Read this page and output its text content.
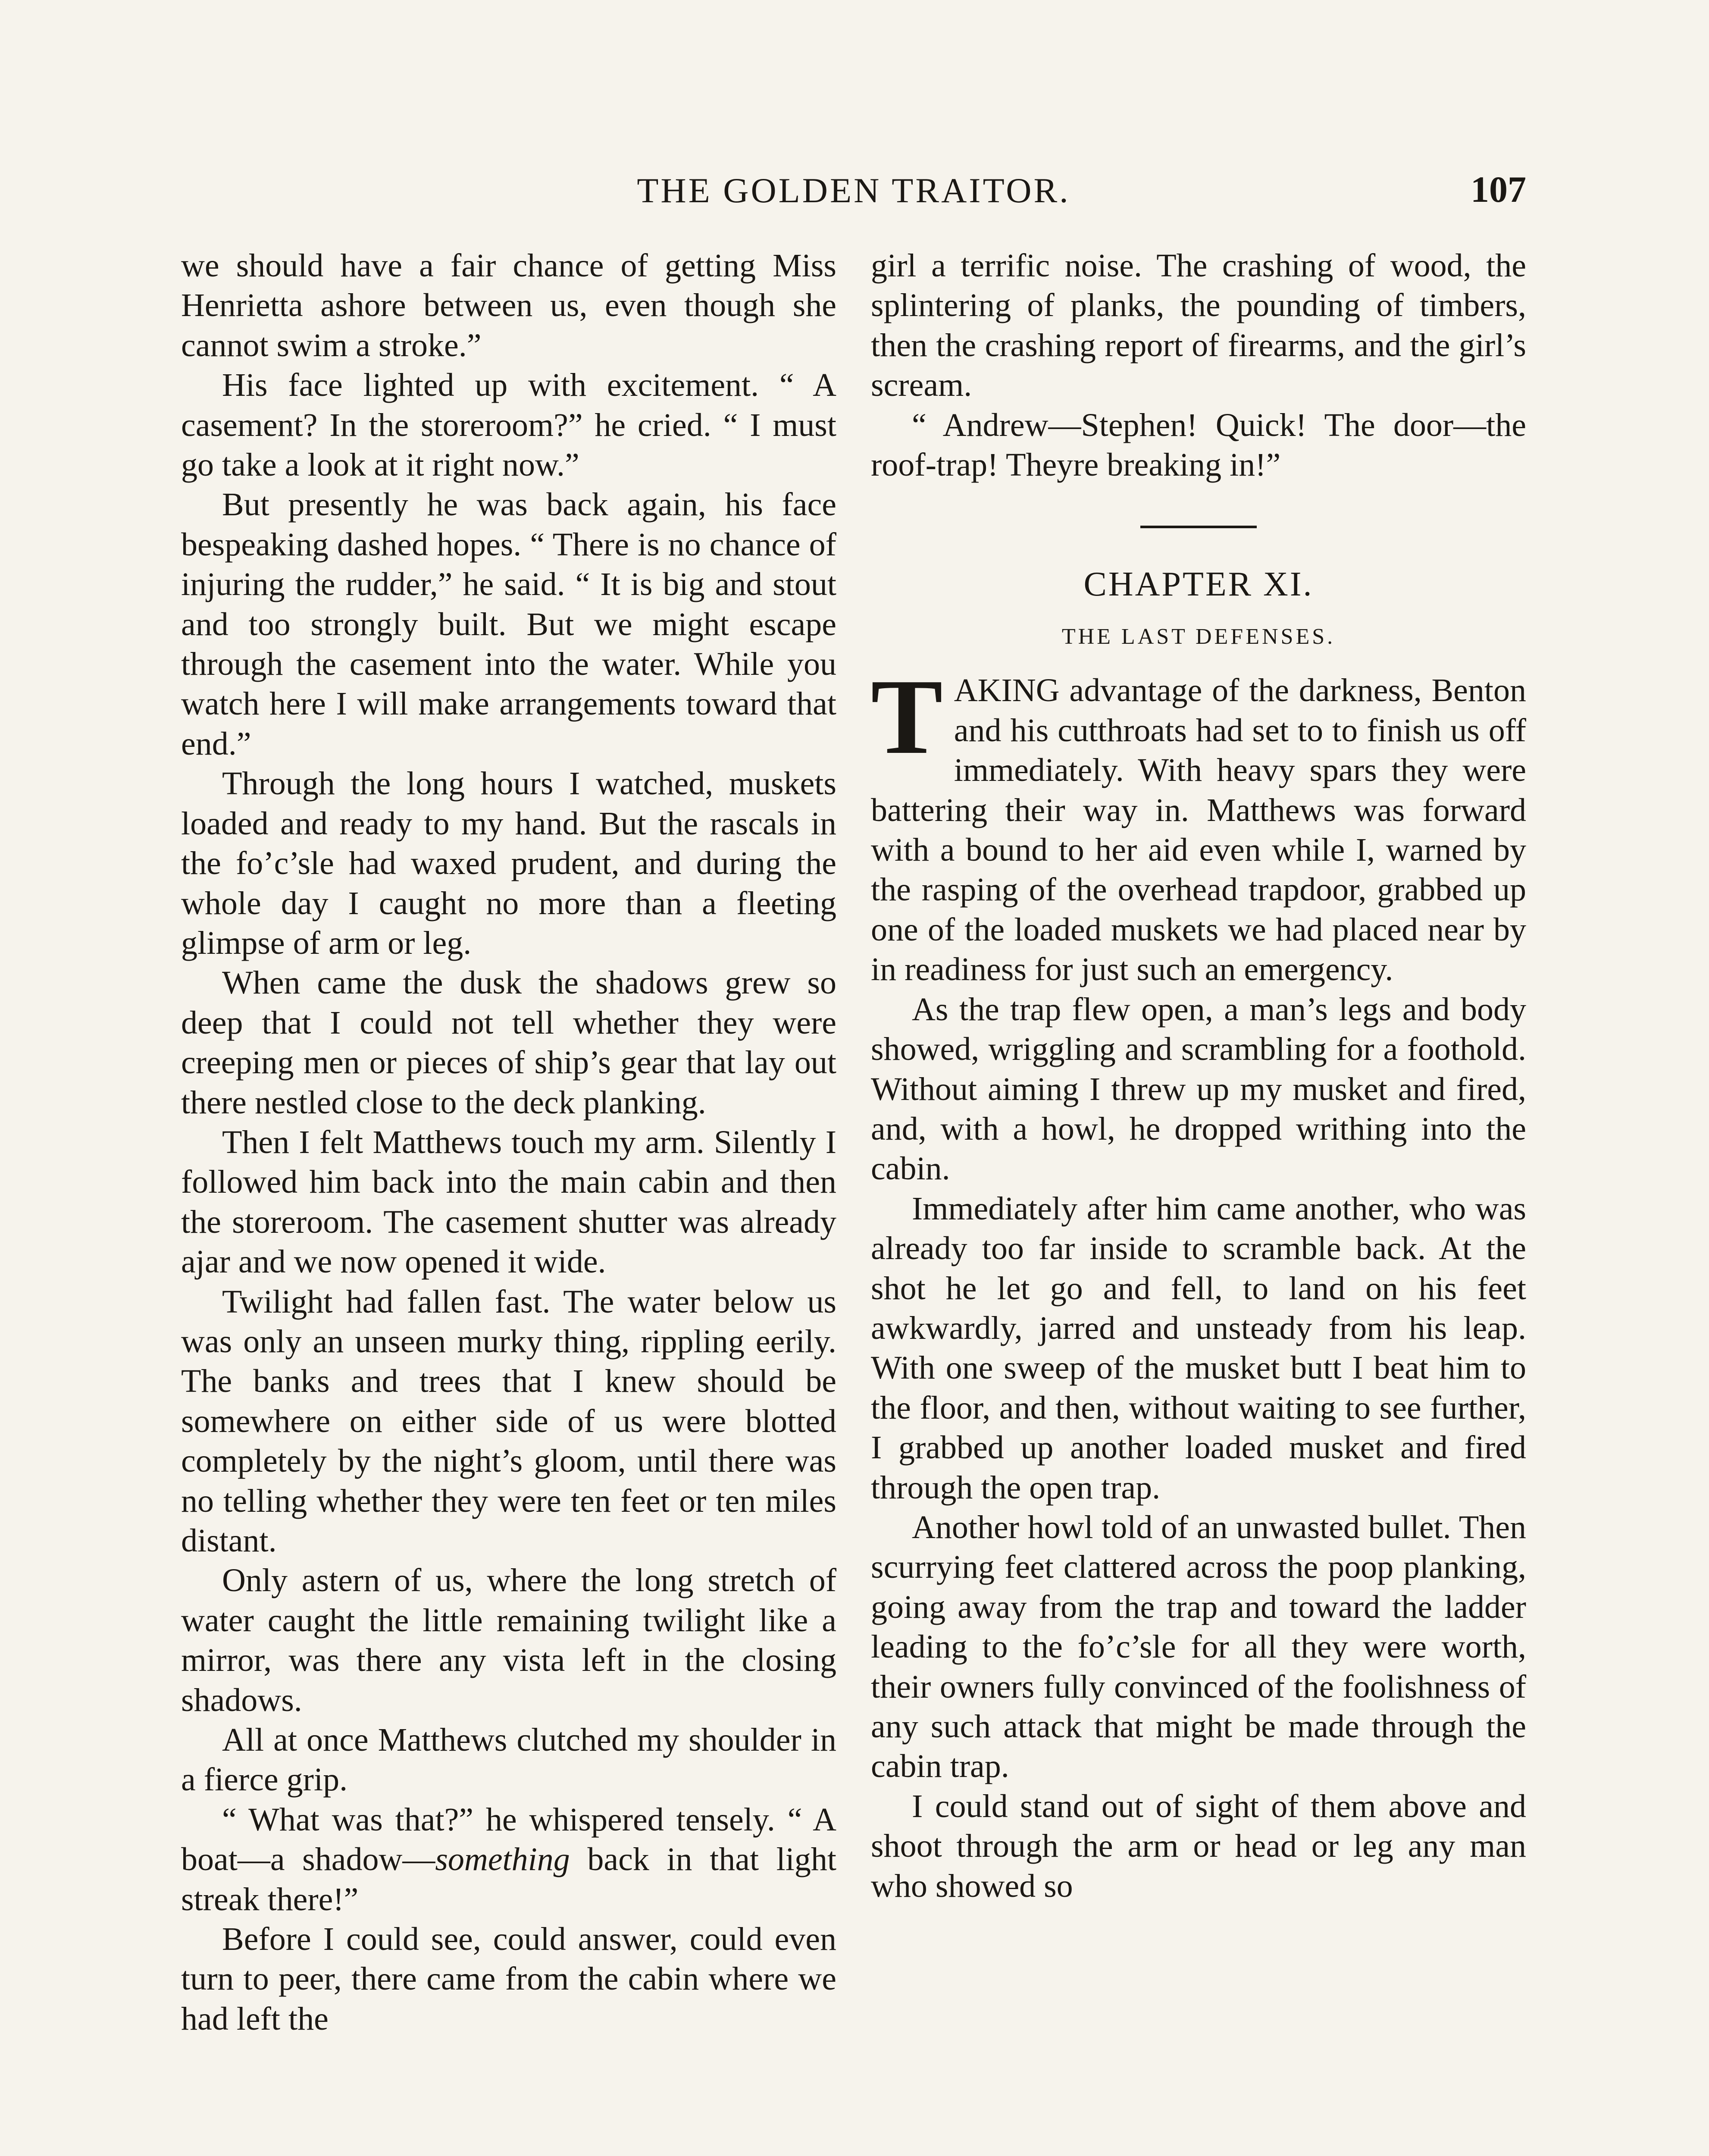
THE GOLDEN TRAITOR.	107

we should have a fair chance of getting Miss Henrietta ashore between us, even though she cannot swim a stroke.”

His face lighted up with excitement. “ A casement? In the storeroom?” he cried. “ I must go take a look at it right now.”

But presently he was back again, his face bespeaking dashed hopes. “ There is no chance of injuring the rudder,” he said. “ It is big and stout and too strongly built. But we might escape through the casement into the water. While you watch here I will make arrangements toward that end.”

Through the long hours I watched, muskets loaded and ready to my hand. But the rascals in the fo’c’sle had waxed prudent, and during the whole day I caught no more than a fleeting glimpse of arm or leg.

When came the dusk the shadows grew so deep that I could not tell whether they were creeping men or pieces of ship’s gear that lay out there nestled close to the deck planking.

Then I felt Matthews touch my arm. Silently I followed him back into the main cabin and then the storeroom. The casement shutter was already ajar and we now opened it wide.

Twilight had fallen fast. The water below us was only an unseen murky thing, rippling eerily. The banks and trees that I knew should be somewhere on either side of us were blotted completely by the night’s gloom, until there was no telling whether they were ten feet or ten miles distant.

Only astern of us, where the long stretch of water caught the little remaining twilight like a mirror, was there any vista left in the closing shadows.

All at once Matthews clutched my shoulder in a fierce grip.

“ What was that?” he whispered tensely. “ A boat—a shadow—something back in that light streak there!”

Before I could see, could answer, could even turn to peer, there came from the cabin where we had left the

girl a terrific noise. The crashing of wood, the splintering of planks, the pounding of timbers, then the crashing report of firearms, and the girl’s scream.

“ Andrew—Stephen! Quick! The door—the roof-trap! Theyre breaking in!”

CHAPTER XI.
THE LAST DEFENSES.

TAKING advantage of the darkness, Benton and his cutthroats had set to to finish us off immediately. With heavy spars they were battering their way in. Matthews was forward with a bound to her aid even while I, warned by the rasping of the overhead trapdoor, grabbed up one of the loaded muskets we had placed near by in readiness for just such an emergency.

As the trap flew open, a man’s legs and body showed, wriggling and scrambling for a foothold. Without aiming I threw up my musket and fired, and, with a howl, he dropped writhing into the cabin.

Immediately after him came another, who was already too far inside to scramble back. At the shot he let go and fell, to land on his feet awkwardly, jarred and unsteady from his leap. With one sweep of the musket butt I beat him to the floor, and then, without waiting to see further, I grabbed up another loaded musket and fired through the open trap.

Another howl told of an unwasted bullet. Then scurrying feet clattered across the poop planking, going away from the trap and toward the ladder leading to the fo’c’sle for all they were worth, their owners fully convinced of the foolishness of any such attack that might be made through the cabin trap.

I could stand out of sight of them above and shoot through the arm or head or leg any man who showed so
